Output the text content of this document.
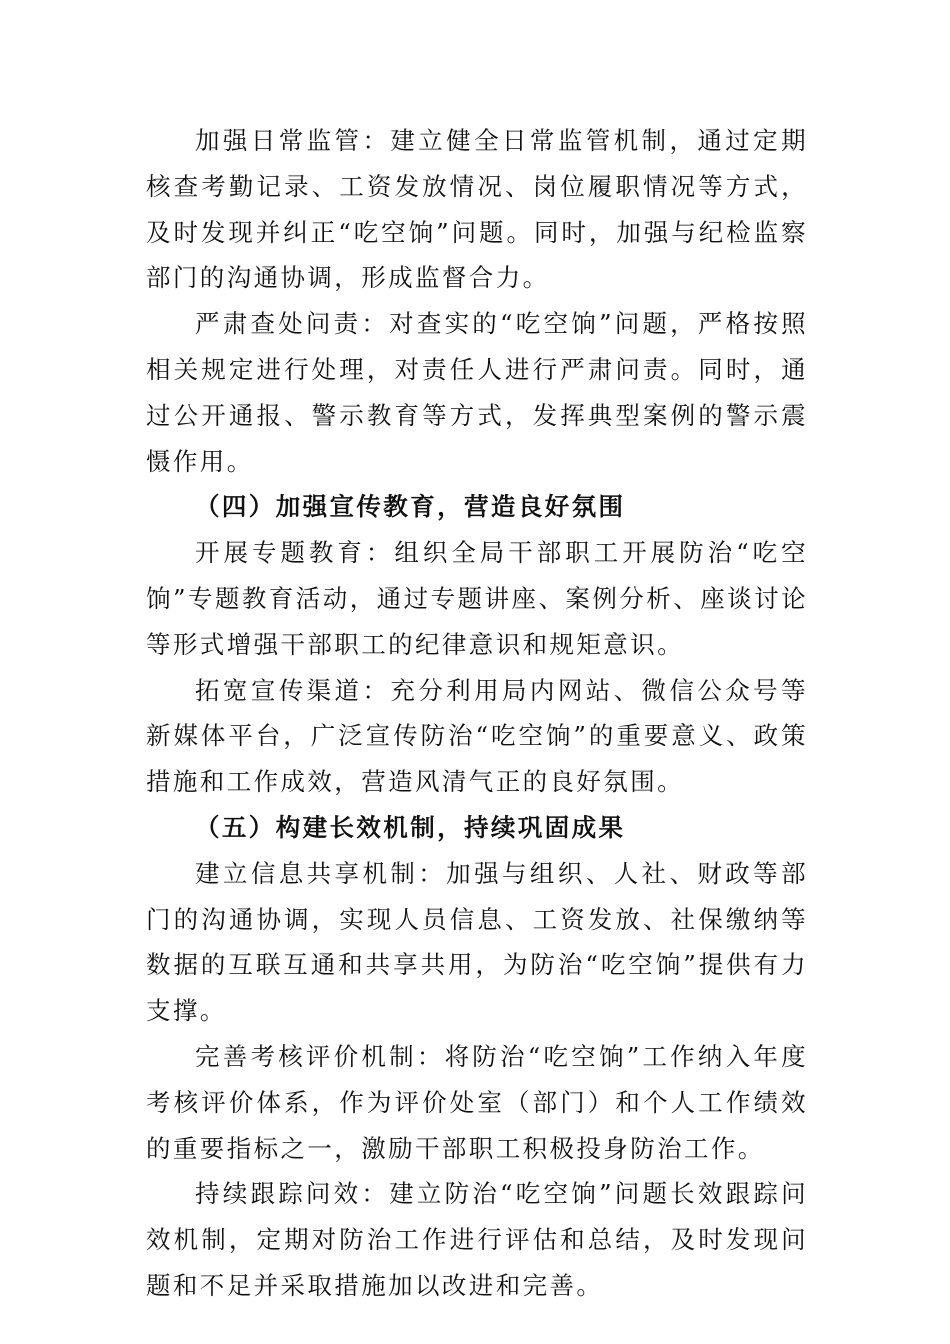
加强日常监管：建立健全日常监管机制，通过定期核查考勤记录、工资发放情况、岗位履职情况等方式，及时发现并纠正“吃空饷”问题。同时，加强与纪检监察部门的沟通协调，形成监督合力。

严肃查处问责：对查实的“吃空饷”问题，严格按照相关规定进行处理，对责任人进行严肃问责。同时，通过公开通报、警示教育等方式，发挥典型案例的警示震慑作用。

（四）加强宣传教育，营造良好氛围

开展专题教育：组织全局干部职工开展防治“吃空饷”专题教育活动，通过专题讲座、案例分析、座谈讨论等形式增强干部职工的纪律意识和规矩意识。

拓宽宣传渠道：充分利用局内网站、微信公众号等新媒体平台，广泛宣传防治“吃空饷”的重要意义、政策措施和工作成效，营造风清气正的良好氛围。

（五）构建长效机制，持续巩固成果

建立信息共享机制：加强与组织、人社、财政等部门的沟通协调，实现人员信息、工资发放、社保缴纳等数据的互联互通和共享共用，为防治“吃空饷”提供有力支撑。

完善考核评价机制：将防治“吃空饷”工作纳入年度考核评价体系，作为评价处室（部门）和个人工作绩效的重要指标之一，激励干部职工积极投身防治工作。

持续跟踪问效：建立防治“吃空饷”问题长效跟踪问效机制，定期对防治工作进行评估和总结，及时发现问题和不足并采取措施加以改进和完善。
